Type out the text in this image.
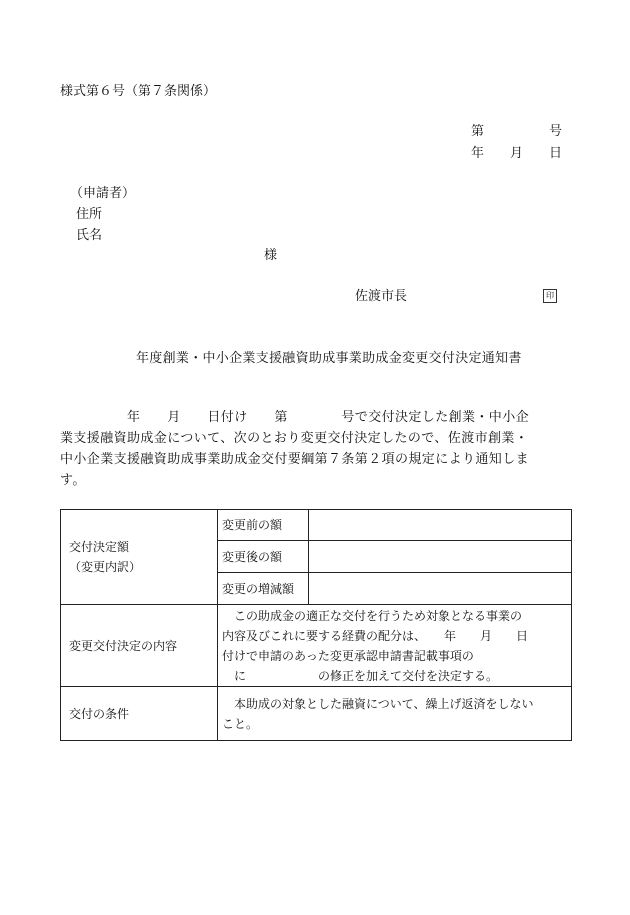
様式第６号（第７条関係）
第　　　　　号
年　　月　　日
（申請者）
住所
氏名
様
佐渡市長	印
年度創業・中小企業支援融資助成事業助成金変更交付決定通知書
　　　　　年　　月　　日付け　　第　　　　号で交付決定した創業・中小企
業支援融資助成金について、次のとおり変更交付決定したので、佐渡市創業・
中小企業支援融資助成事業助成金交付要綱第７条第２項の規定により通知しま
す。
交付決定額
（変更内訳）	変更前の額	
	変更後の額	
	変更の増減額	
変更交付決定の内容	　この助成金の適正な交付を行うため対象となる事業の
内容及びこれに要する経費の配分は、　　年　　月　　日
付けで申請のあった変更承認申請書記載事項の
　に　　　　　　の修正を加えて交付を決定する。	

交付の条件	　本助成の対象とした融資について、繰上げ返済をしない
こと。	
